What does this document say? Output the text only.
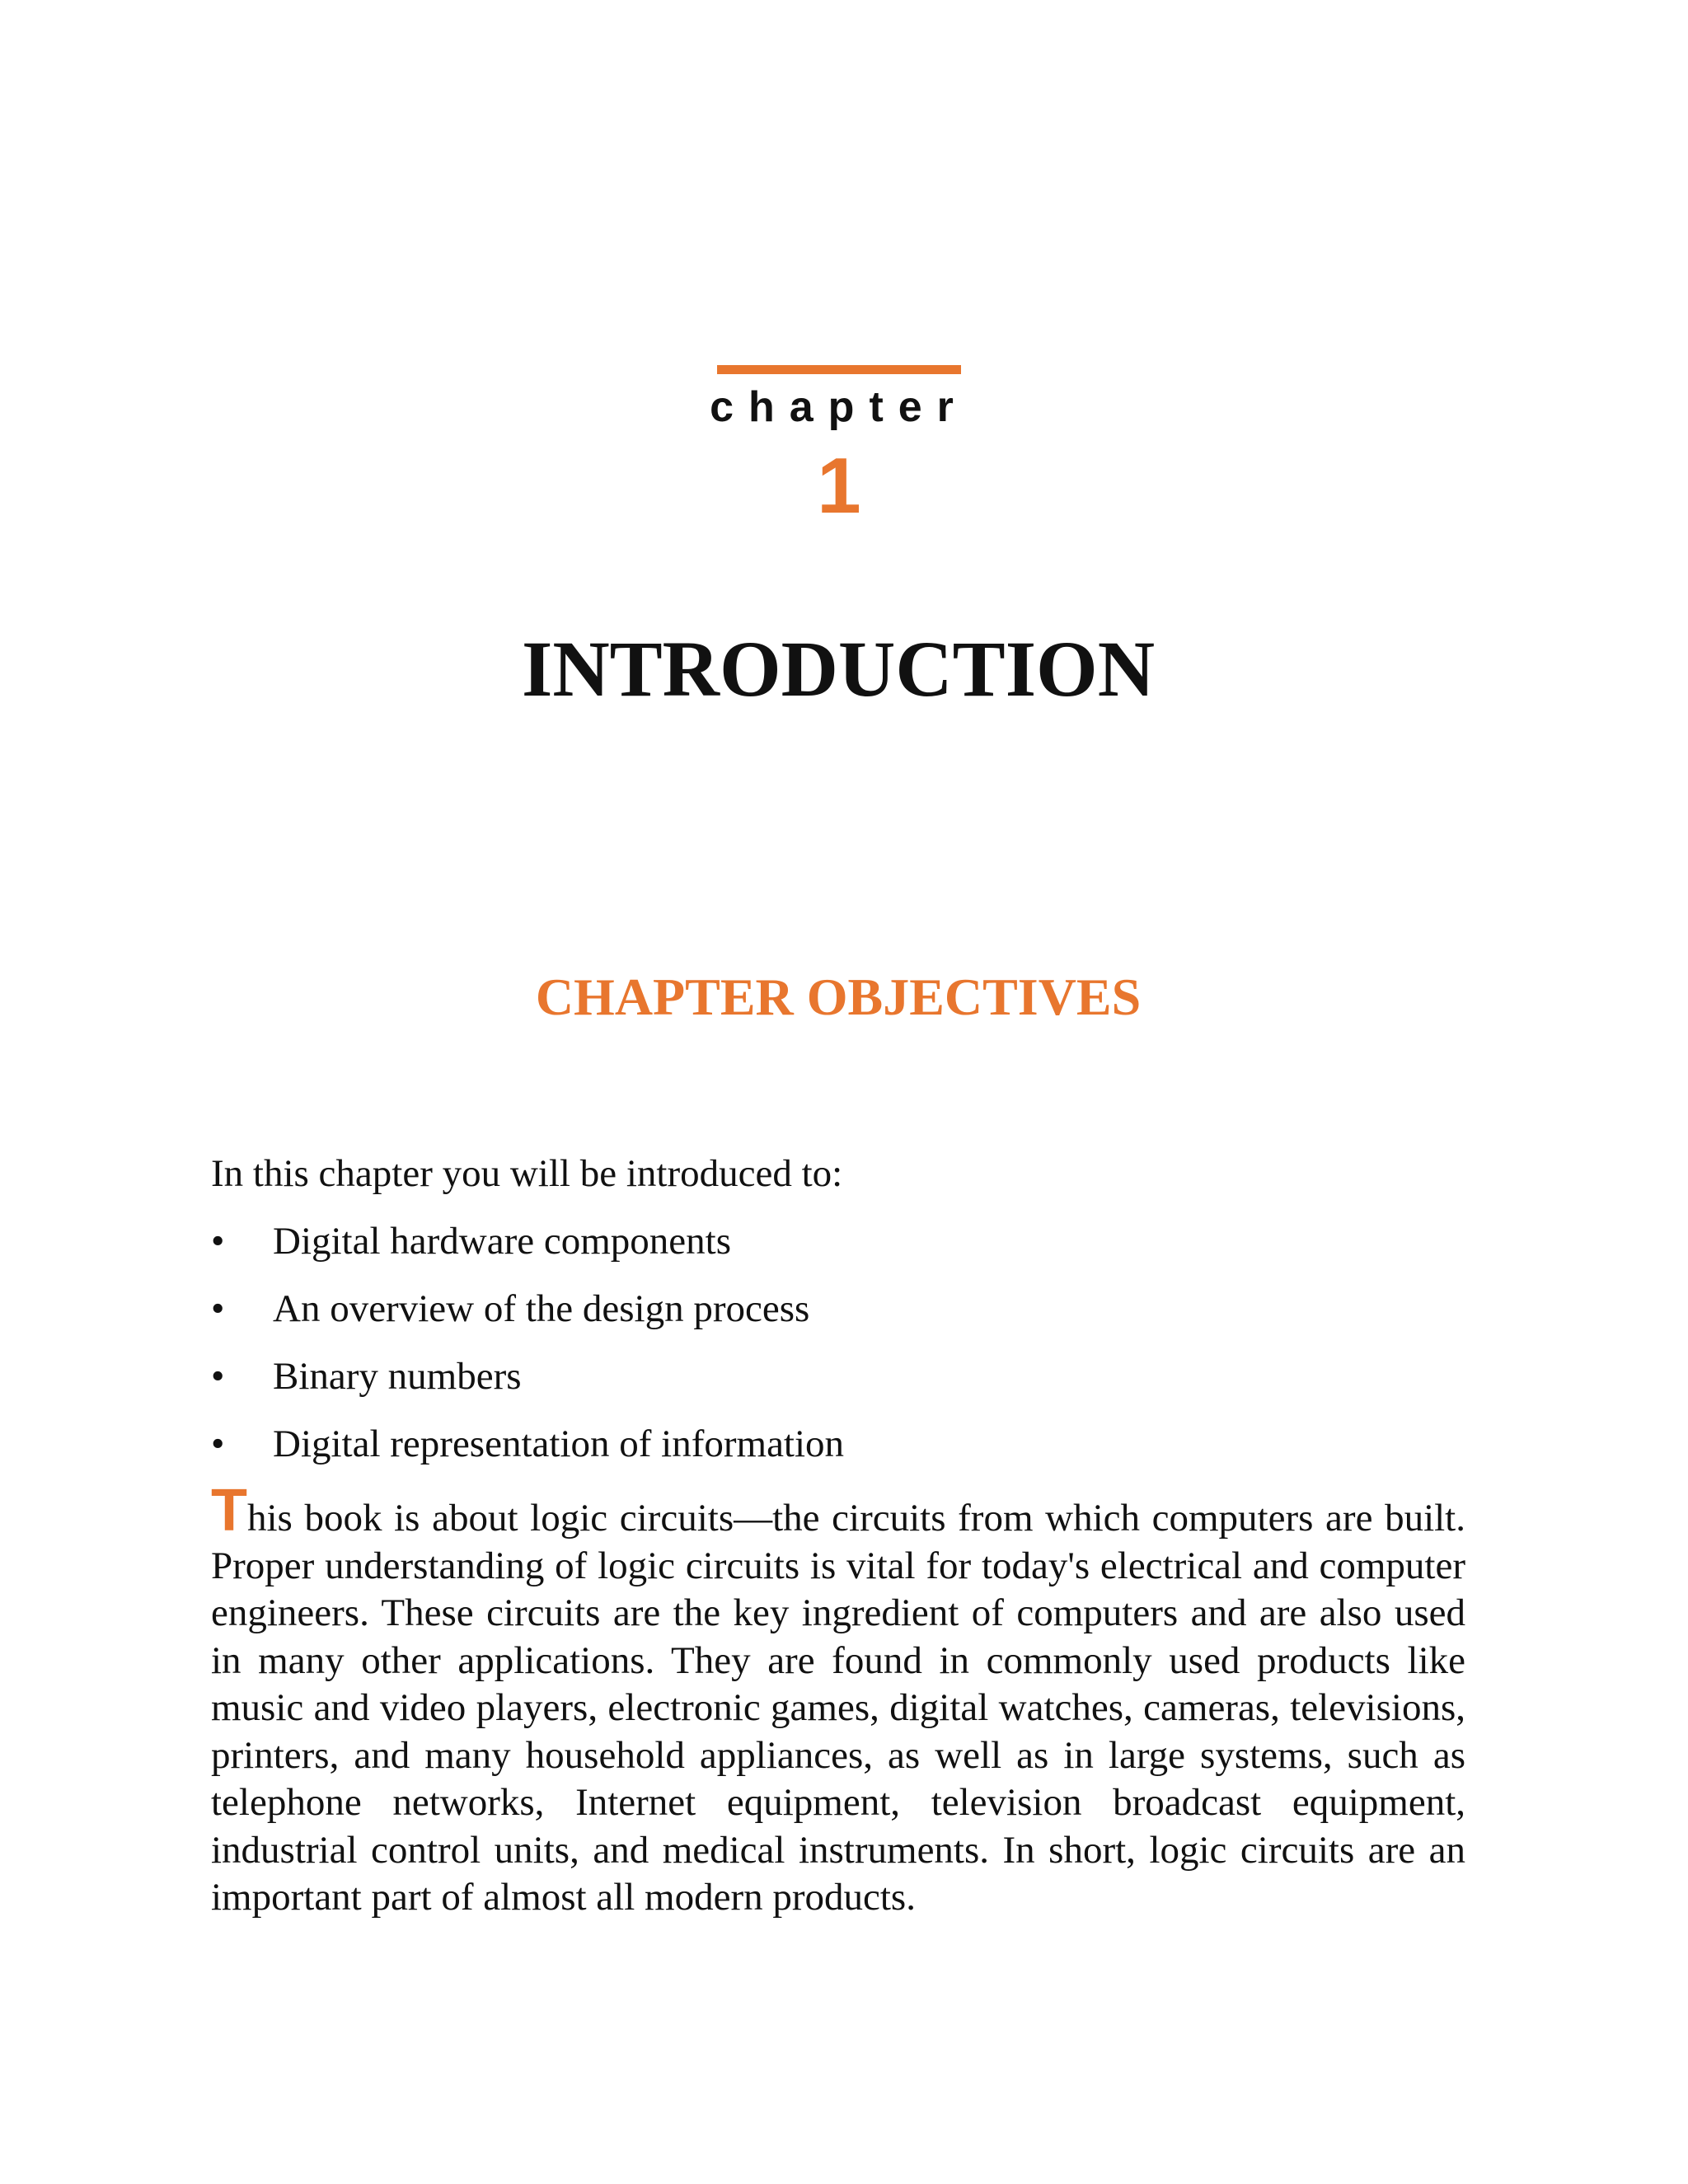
chapter
1
INTRODUCTION
CHAPTER OBJECTIVES
In this chapter you will be introduced to:
•	Digital hardware components
•	An overview of the design process
•	Binary numbers
•	Digital representation of information

This book is about logic circuits—the circuits from which computers are built. Proper understanding of logic circuits is vital for today's electrical and computer engineers. These circuits are the key ingredient of computers and are also used in many other applications. They are found in commonly used products like music and video players, electronic games, digital watches, cameras, televisions, printers, and many household appliances, as well as in large systems, such as telephone networks, Internet equipment, television broadcast equipment, industrial control units, and medical instruments. In short, logic circuits are an important part of almost all modern products.
